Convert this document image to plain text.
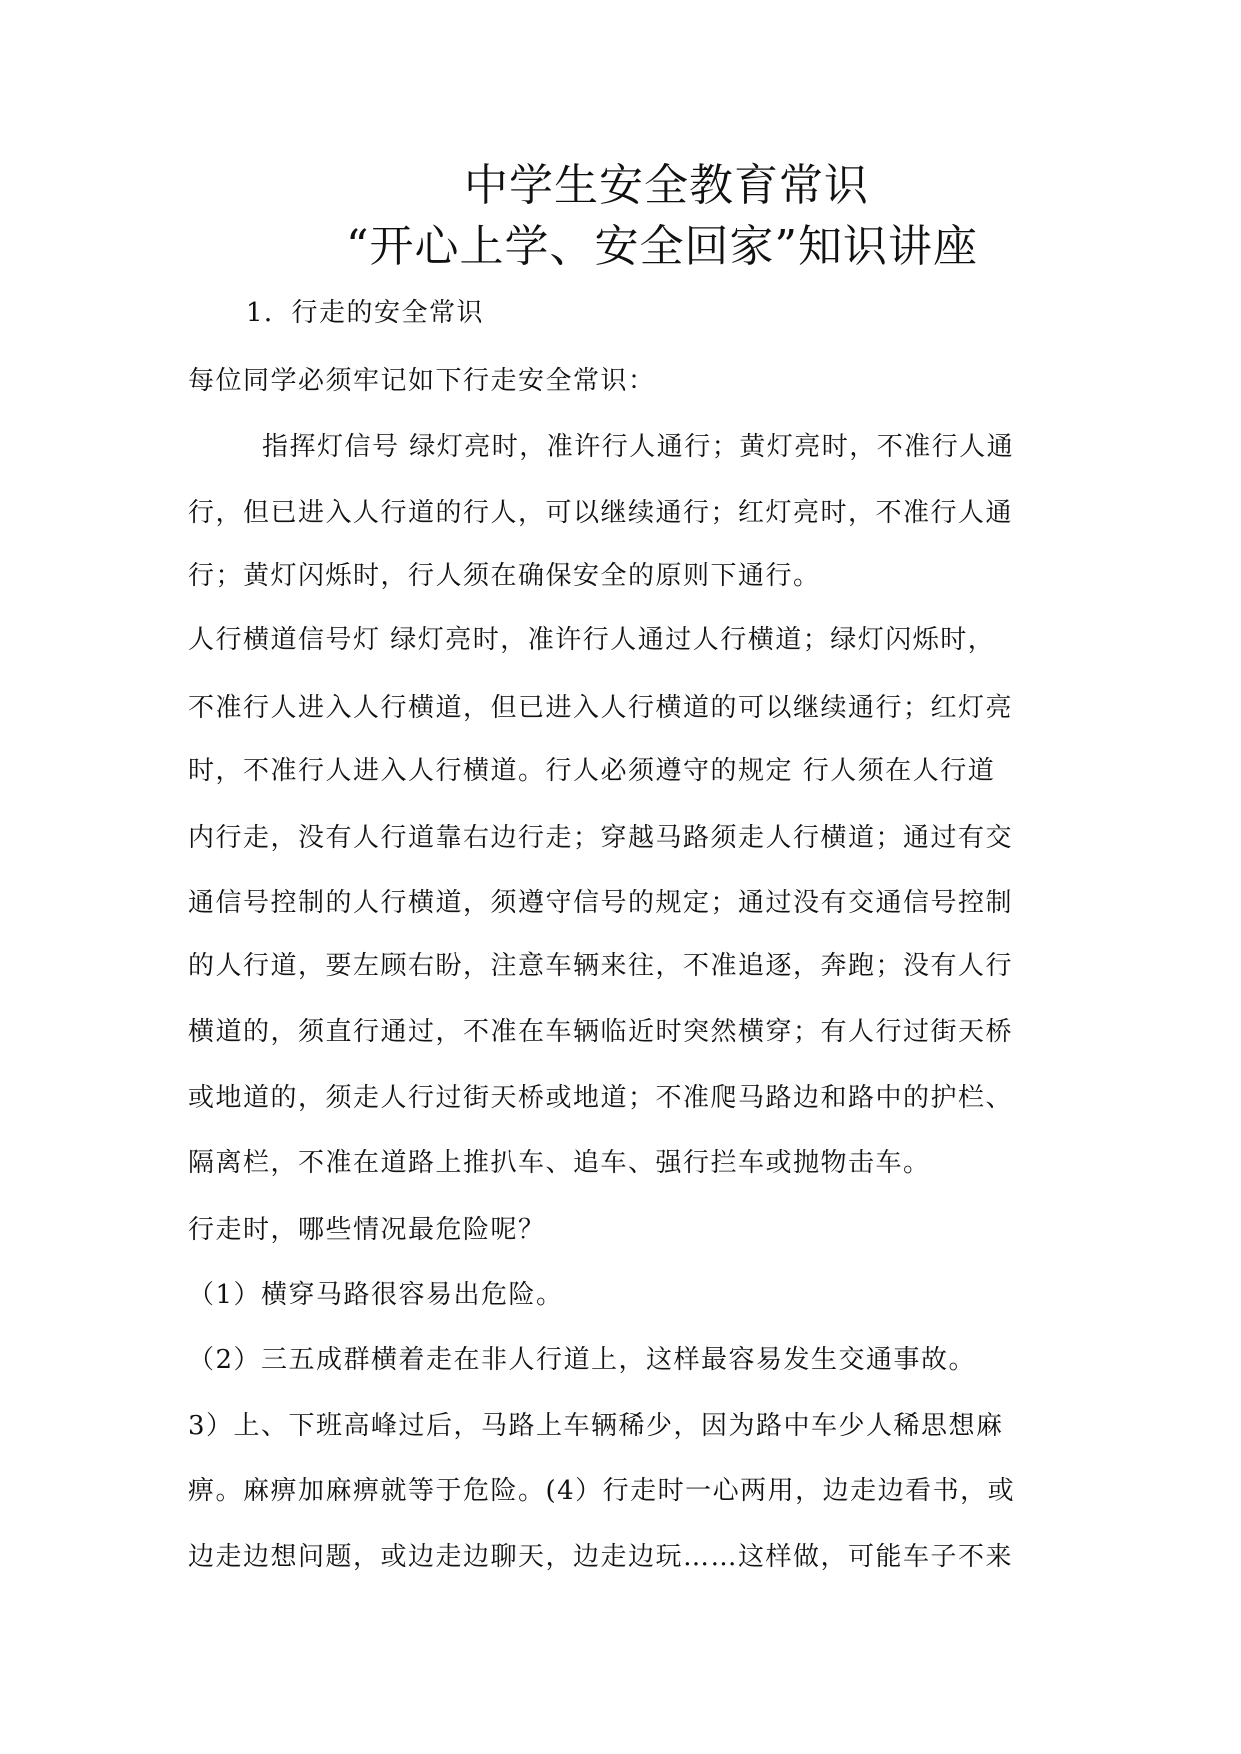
中学生安全教育常识
“开心上学、安全回家”知识讲座
1．行走的安全常识
每位同学必须牢记如下行走安全常识：
指挥灯信号 绿灯亮时，准许行人通行；黄灯亮时，不准行人通
行，但已进入人行道的行人，可以继续通行；红灯亮时，不准行人通
行；黄灯闪烁时，行人须在确保安全的原则下通行。
人行横道信号灯 绿灯亮时，准许行人通过人行横道；绿灯闪烁时，
不准行人进入人行横道，但已进入人行横道的可以继续通行；红灯亮
时，不准行人进入人行横道。行人必须遵守的规定 行人须在人行道
内行走，没有人行道靠右边行走；穿越马路须走人行横道；通过有交
通信号控制的人行横道，须遵守信号的规定；通过没有交通信号控制
的人行道，要左顾右盼，注意车辆来往，不准追逐，奔跑；没有人行
横道的，须直行通过，不准在车辆临近时突然横穿；有人行过街天桥
或地道的，须走人行过街天桥或地道；不准爬马路边和路中的护栏、
隔离栏，不准在道路上推扒车、追车、强行拦车或抛物击车。
行走时，哪些情况最危险呢？
（1）横穿马路很容易出危险。
（2）三五成群横着走在非人行道上，这样最容易发生交通事故。
3）上、下班高峰过后，马路上车辆稀少，因为路中车少人稀思想麻
痹。麻痹加麻痹就等于危险。(4）行走时一心两用，边走边看书，或
边走边想问题，或边走边聊天，边走边玩……这样做，可能车子不来
